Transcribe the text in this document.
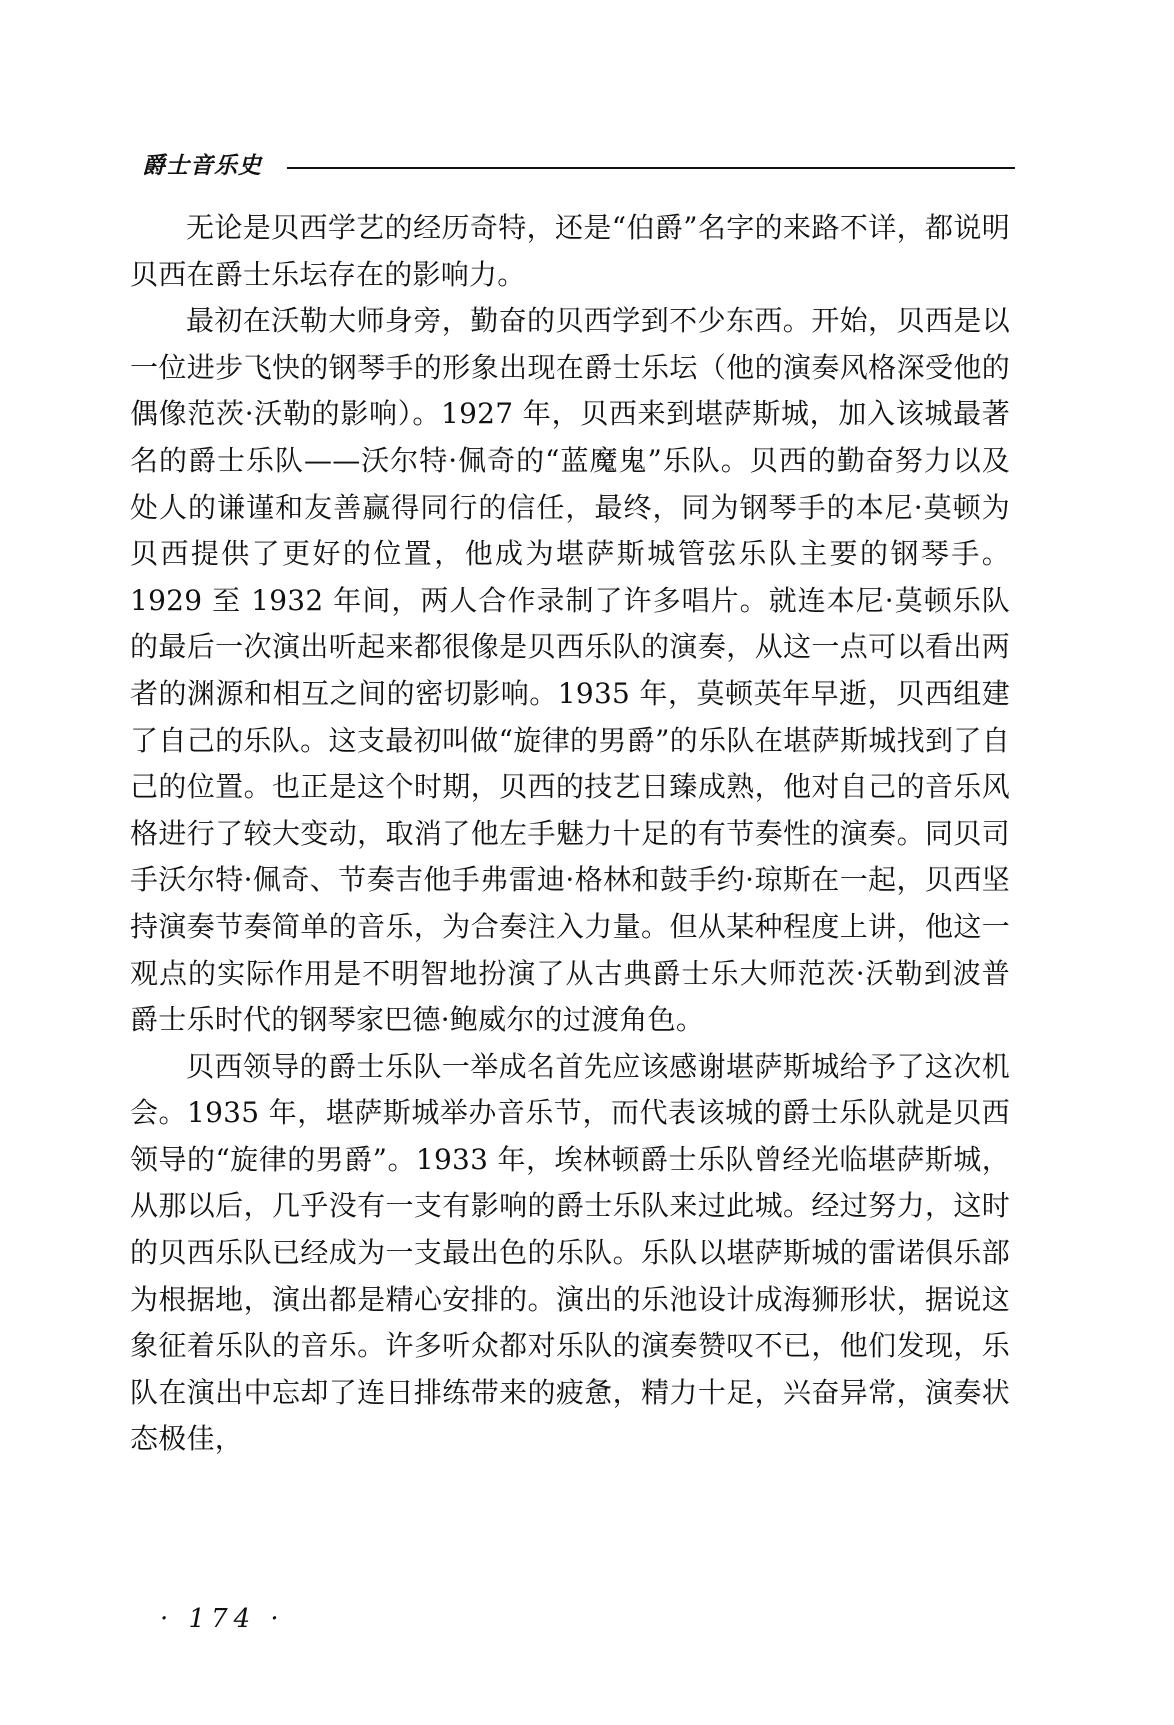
爵士音乐史

无论是贝西学艺的经历奇特，还是“伯爵”名字的来路不详，都说明贝西在爵士乐坛存在的影响力。

最初在沃勒大师身旁，勤奋的贝西学到不少东西。开始，贝西是以一位进步飞快的钢琴手的形象出现在爵士乐坛（他的演奏风格深受他的偶像范茨·沃勒的影响）。1927 年，贝西来到堪萨斯城，加入该城最著名的爵士乐队——沃尔特·佩奇的“蓝魔鬼”乐队。贝西的勤奋努力以及处人的谦谨和友善赢得同行的信任，最终，同为钢琴手的本尼·莫顿为贝西提供了更好的位置，他成为堪萨斯城管弦乐队主要的钢琴手。1929 至 1932 年间，两人合作录制了许多唱片。就连本尼·莫顿乐队的最后一次演出听起来都很像是贝西乐队的演奏，从这一点可以看出两者的渊源和相互之间的密切影响。1935 年，莫顿英年早逝，贝西组建了自己的乐队。这支最初叫做“旋律的男爵”的乐队在堪萨斯城找到了自己的位置。也正是这个时期，贝西的技艺日臻成熟，他对自己的音乐风格进行了较大变动，取消了他左手魅力十足的有节奏性的演奏。同贝司手沃尔特·佩奇、节奏吉他手弗雷迪·格林和鼓手约·琼斯在一起，贝西坚持演奏节奏简单的音乐，为合奏注入力量。但从某种程度上讲，他这一观点的实际作用是不明智地扮演了从古典爵士乐大师范茨·沃勒到波普爵士乐时代的钢琴家巴德·鲍威尔的过渡角色。

贝西领导的爵士乐队一举成名首先应该感谢堪萨斯城给予了这次机会。1935 年，堪萨斯城举办音乐节，而代表该城的爵士乐队就是贝西领导的“旋律的男爵”。1933 年，埃林顿爵士乐队曾经光临堪萨斯城，从那以后，几乎没有一支有影响的爵士乐队来过此城。经过努力，这时的贝西乐队已经成为一支最出色的乐队。乐队以堪萨斯城的雷诺俱乐部为根据地，演出都是精心安排的。演出的乐池设计成海狮形状，据说这象征着乐队的音乐。许多听众都对乐队的演奏赞叹不已，他们发现，乐队在演出中忘却了连日排练带来的疲惫，精力十足，兴奋异常，演奏状态极佳，

· 174 ·
